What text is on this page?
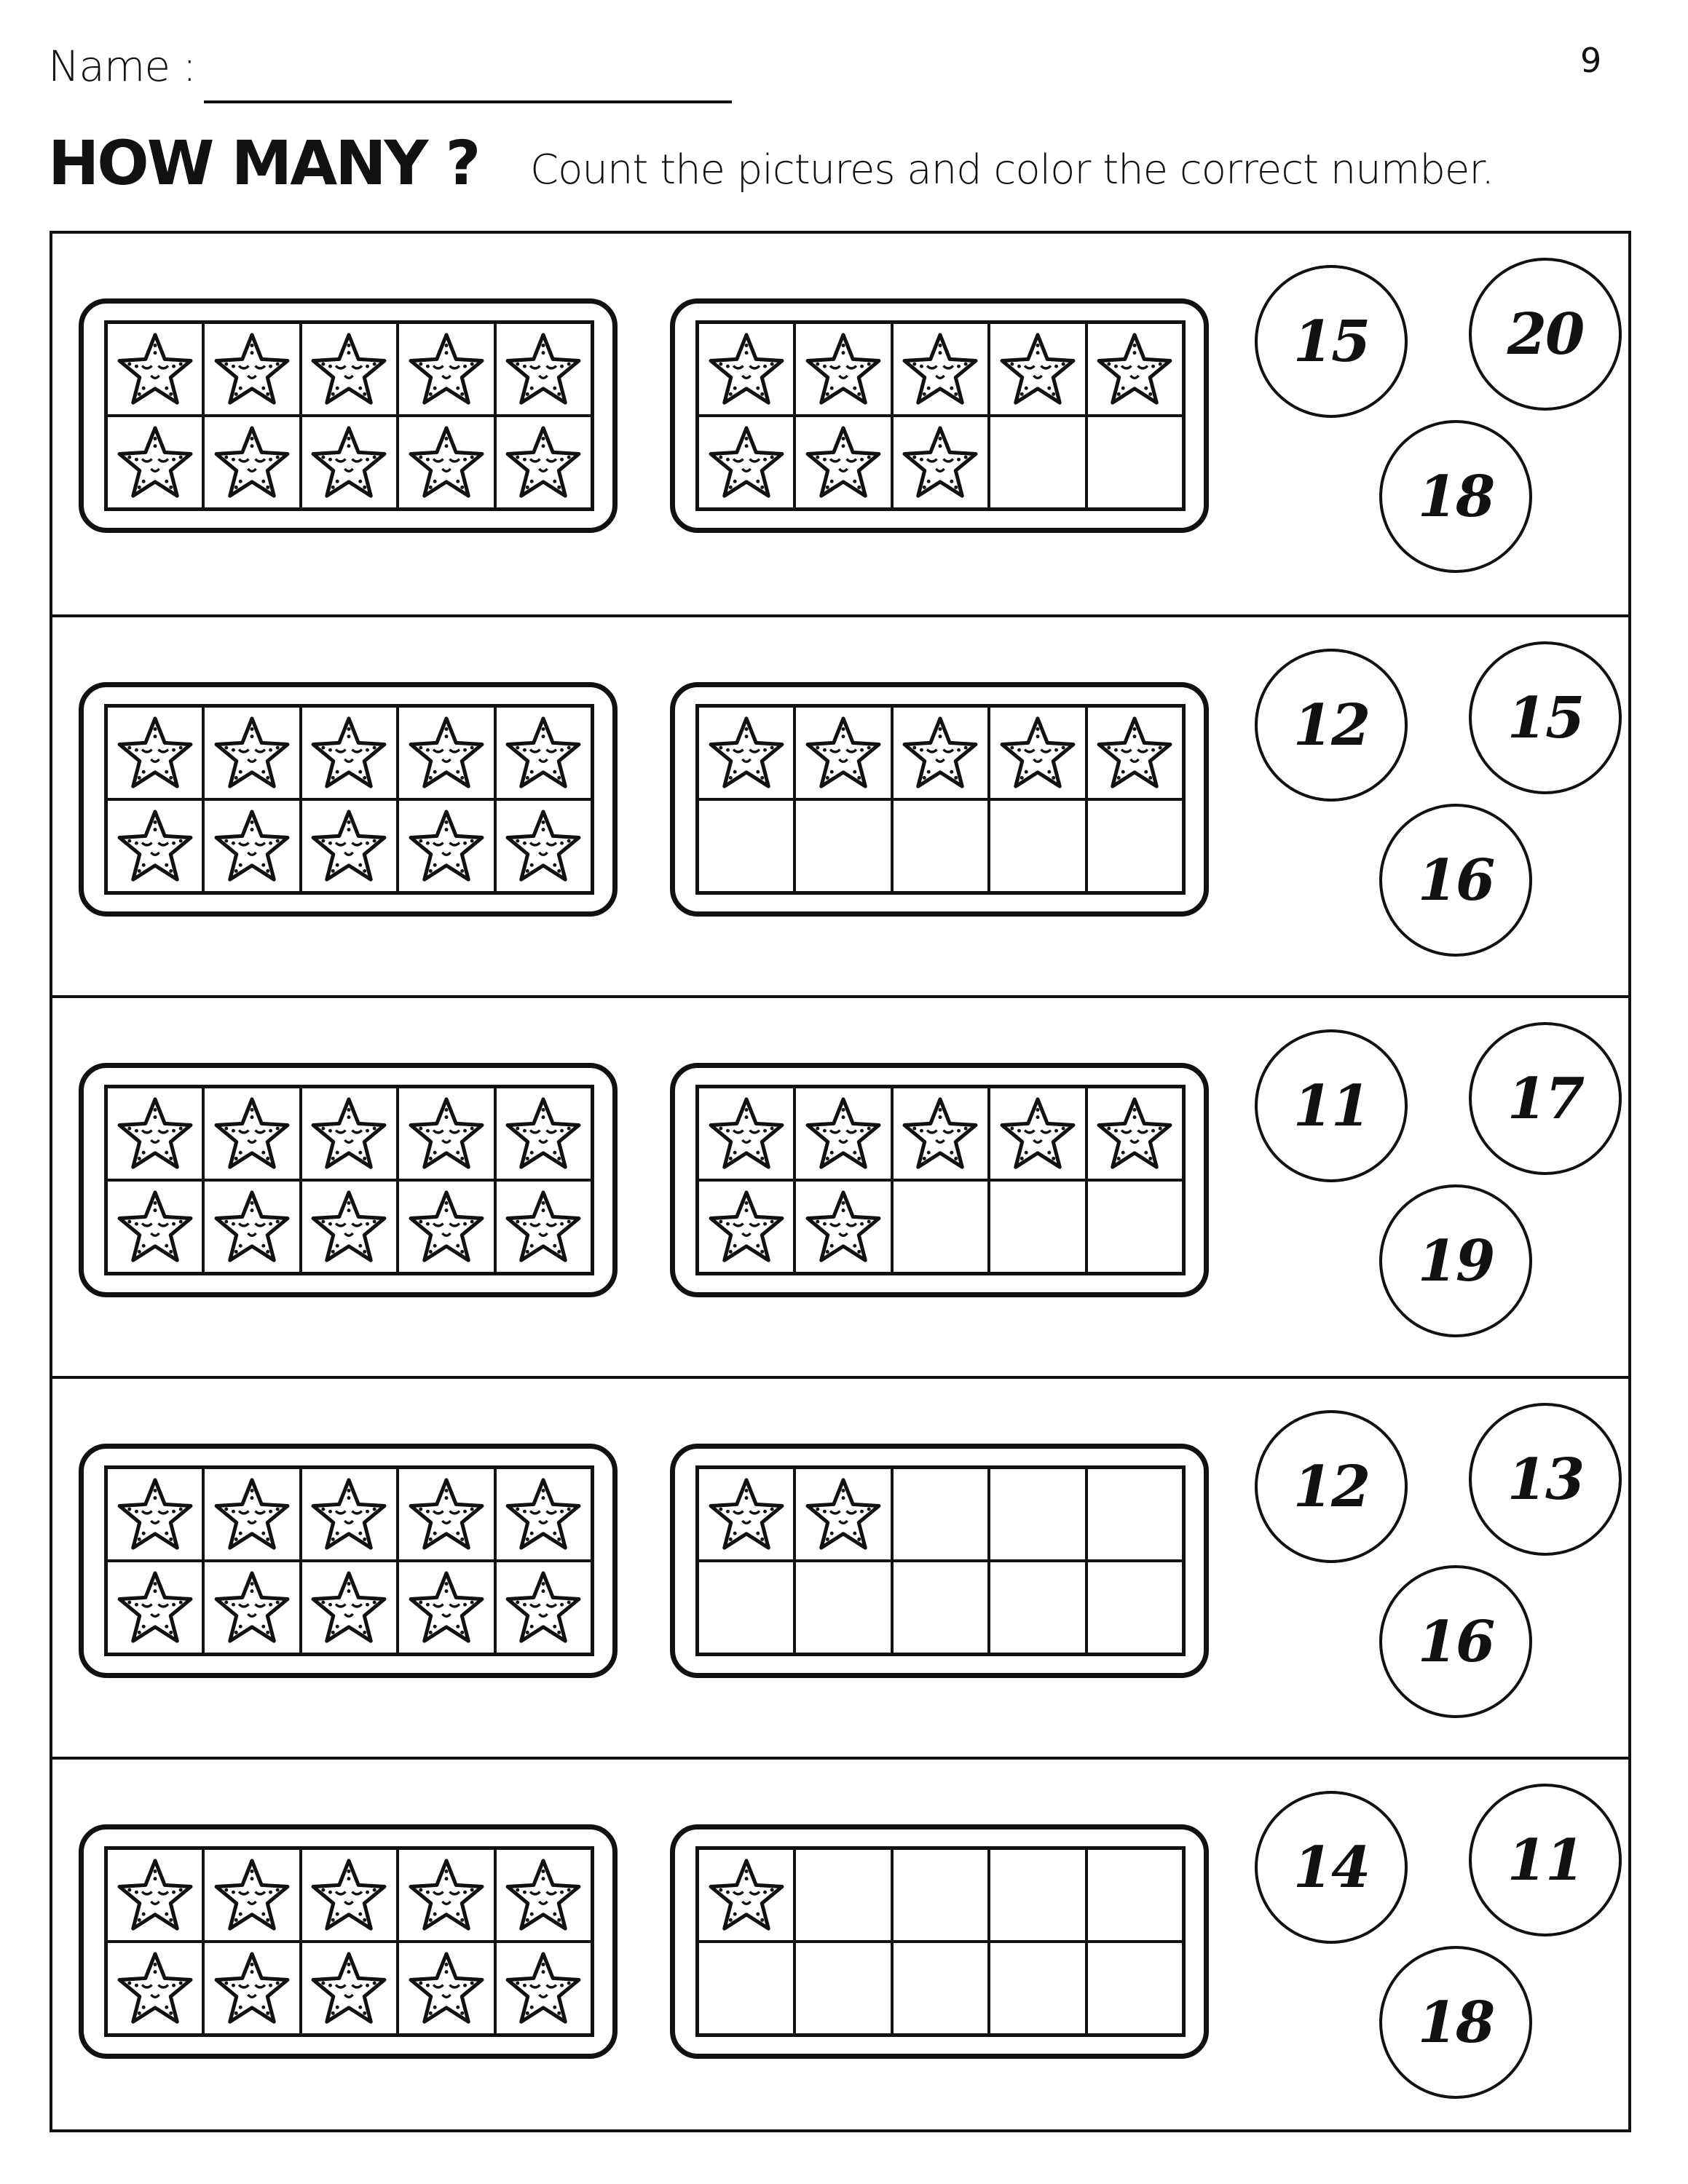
Name :	9
HOW MANY ? Count the pictures and color the correct number.
15	20
18
12	15
16
11	17
19
12	13
16
14	11
18
